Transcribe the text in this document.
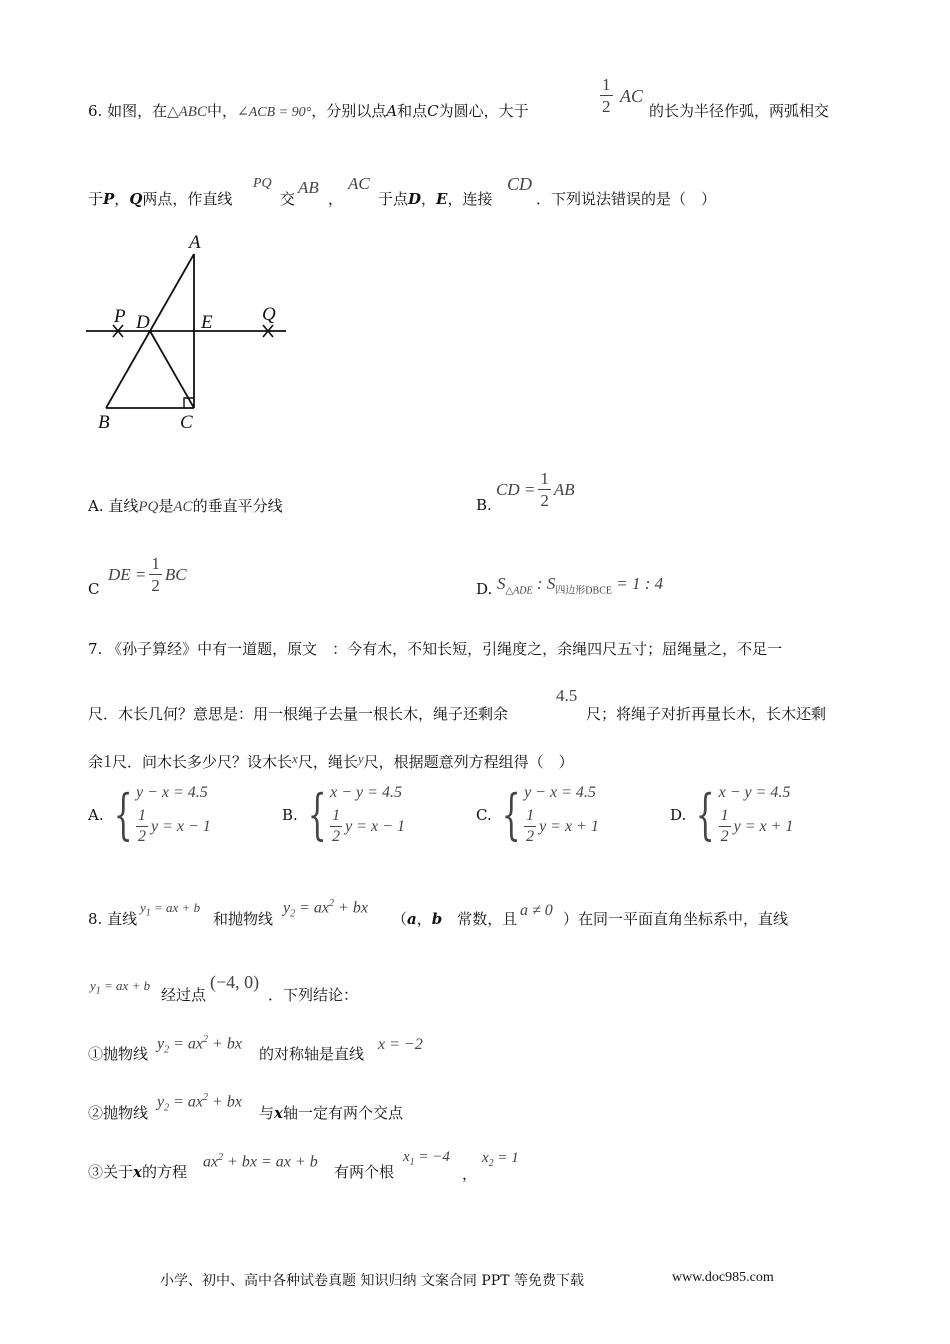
6. 如图，在△ABC中，∠ACB = 90°，分别以点A和点C为圆心，大于	$\frac{1}{2}$ AC
的长为半径作弧，两弧相交
于P，Q两点，作直线
PQ
交
AB
，
AC
于点D，E，连接
CD
．下列说法错误的是（　）
A
P D	E	Q
B	C
A. 直线PQ是AC的垂直平分线	B.
CD = $\frac{1}{2}$ AB
C
DE = $\frac{1}{2}$ BC
D. $S_{\triangle ADE}$ : $S_{四边形DBCE} = 1$ : 4
7. 《孙子算经》中有一道题，原文　：今有木，不知长短，引绳度之，余绳四尺五寸；屈绳量之，不足一
尺．木长几何？意思是：用一根绳子去量一根长木，绳子还剩余
4.5
尺；将绳子对折再量长木，长木还剩
余1尺．问木长多少尺？设木长x尺，绳长y尺，根据题意列方程组得（　）
A. { y − x = 4.5
$\frac{1}{2}$ y = x − 1
B. { x − y = 4.5
$\frac{1}{2}$ y = x − 1
C. { y − x = 4.5
$\frac{1}{2}$ y = x + 1
D. { x − y = 4.5
$\frac{1}{2}$ y = x + 1
8. 直线
$y_1$ = ax + b
和抛物线
$y_2 = ax^2$ + bx
（a，b　常数，且 a ≠ 0 ）在同一平面直角坐标系中，直线
$y_1$ = ax + b
经过点
(−4, 0)
．下列结论：
①抛物线
$y_2 = ax^2$ + bx
的对称轴是直线
x = −2
②抛物线
$y_2 = ax^2$ + bx
与x轴一定有两个交点
③关于x的方程
$ax^2$ + bx = ax + b
有两个根
$x_1 = -4$
，
$x_2 = 1$
小学、初中、高中各种试卷真题 知识归纳 文案合同 PPT 等免费下载	www.doc985.com
